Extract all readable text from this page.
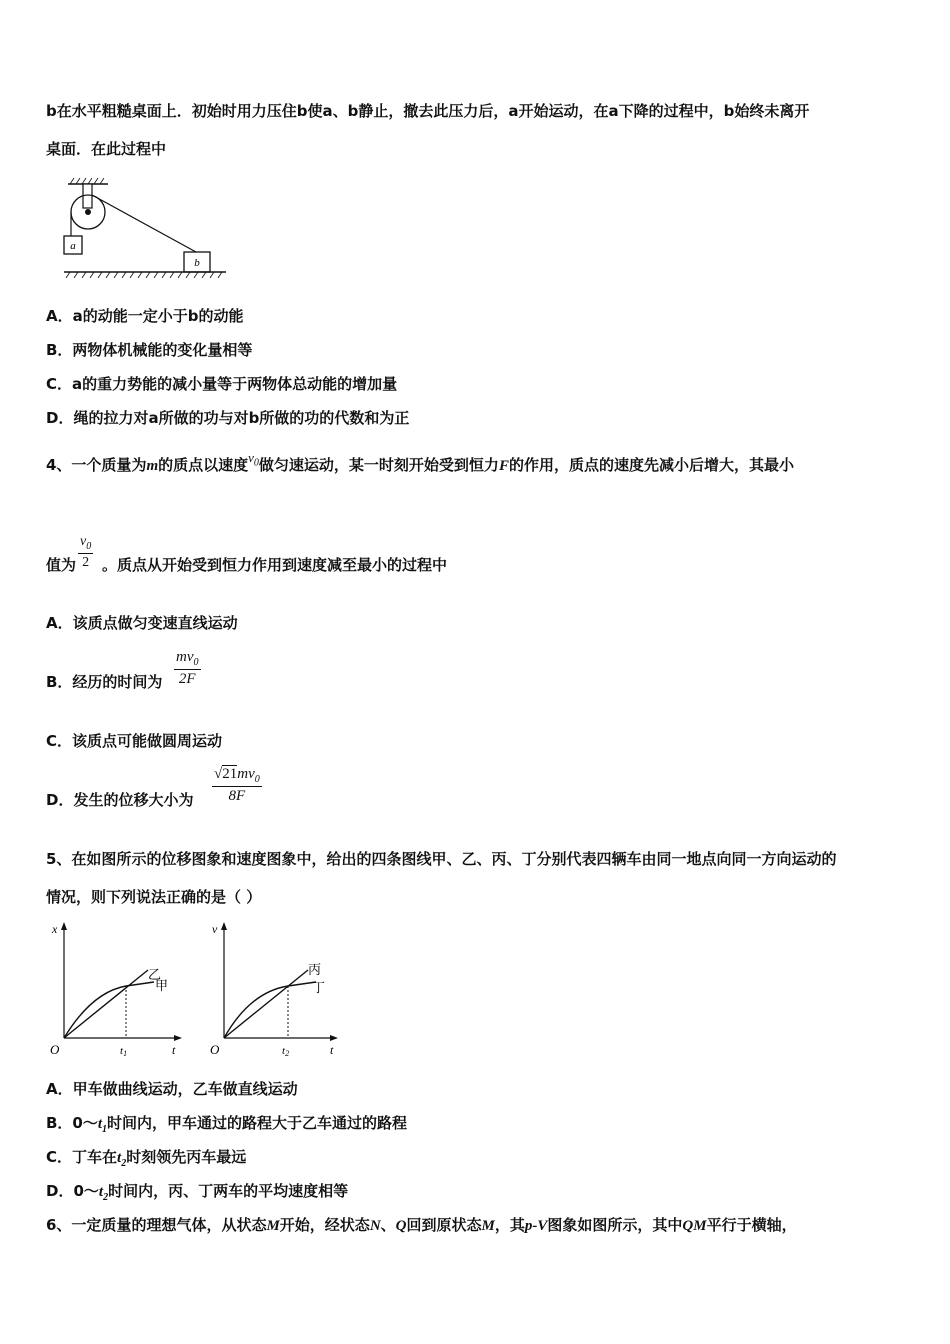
b在水平粗糙桌面上．初始时用力压住b使a、b静止，撤去此压力后，a开始运动，在a下降的过程中，b始终未离开
桌面．在此过程中
a
b
A．a的动能一定小于b的动能
B．两物体机械能的变化量相等
C．a的重力势能的减小量等于两物体总动能的增加量
D．绳的拉力对a所做的功与对b所做的功的代数和为正
4、一个质量为m的质点以速度$v_0$做匀速运动，某一时刻开始受到恒力F的作用，质点的速度先减小后增大，其最小
值为
$v_0$
2 。质点从开始受到恒力作用到速度减至最小的过程中
A．该质点做匀变速直线运动
B．经历的时间为
$mv_0$
2F
C．该质点可能做圆周运动
D．发生的位移大小为
$√21mv_0$
8F
5、在如图所示的位移图象和速度图象中，给出的四条图线甲、乙、丙、丁分别代表四辆车由同一地点向同一方向运动的
情况，则下列说法正确的是（ ）
x
t
O	t1
乙
甲
v
t
O	t2
丙
丁
A．甲车做曲线运动，乙车做直线运动
B．$0\sim t_1$时间内，甲车通过的路程大于乙车通过的路程
C．丁车在$t_2$时刻领先丙车最远
D．$0\sim t_2$时间内，丙、丁两车的平均速度相等
6、一定质量的理想气体，从状态M开始，经状态N、Q回到原状态M，其p-V图象如图所示，其中QM平行于横轴，
